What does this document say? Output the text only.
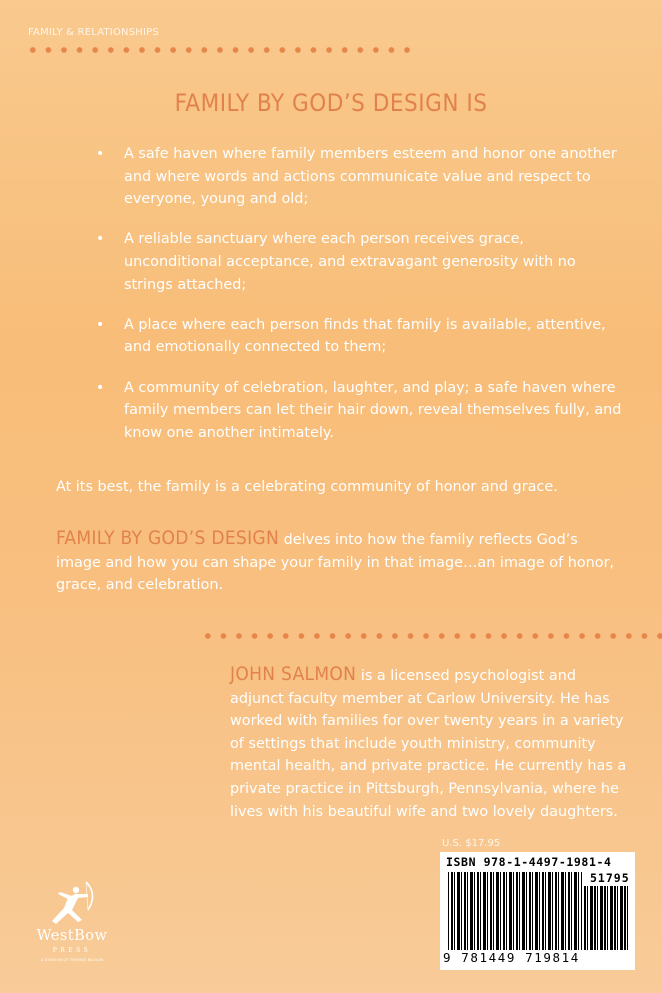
FAMILY & RELATIONSHIPS
FAMILY BY GOD’S DESIGN IS
• A safe haven where family members esteem and honor one another and where words and actions communicate value and respect to everyone, young and old;
• A reliable sanctuary where each person receives grace, unconditional acceptance, and extravagant generosity with no strings attached;
• A place where each person finds that family is available, attentive, and emotionally connected to them;
• A community of celebration, laughter, and play; a safe haven where family members can let their hair down, reveal themselves fully, and know one another intimately.
At its best, the family is a celebrating community of honor and grace.
FAMILY BY GOD’S DESIGN delves into how the family reflects God’s image and how you can shape your family in that image…an image of honor, grace, and celebration.
JOHN SALMON is a licensed psychologist and adjunct faculty member at Carlow University. He has worked with families for over twenty years in a variety of settings that include youth ministry, community mental health, and private practice. He currently has a private practice in Pittsburgh, Pennsylvania, where he lives with his beautiful wife and two lovely daughters.
WestBow
PRESS
A DIVISION OF THOMAS NELSON
U.S. $17.95
ISBN 978-1-4497-1981-4
51795
9 781449 719814
